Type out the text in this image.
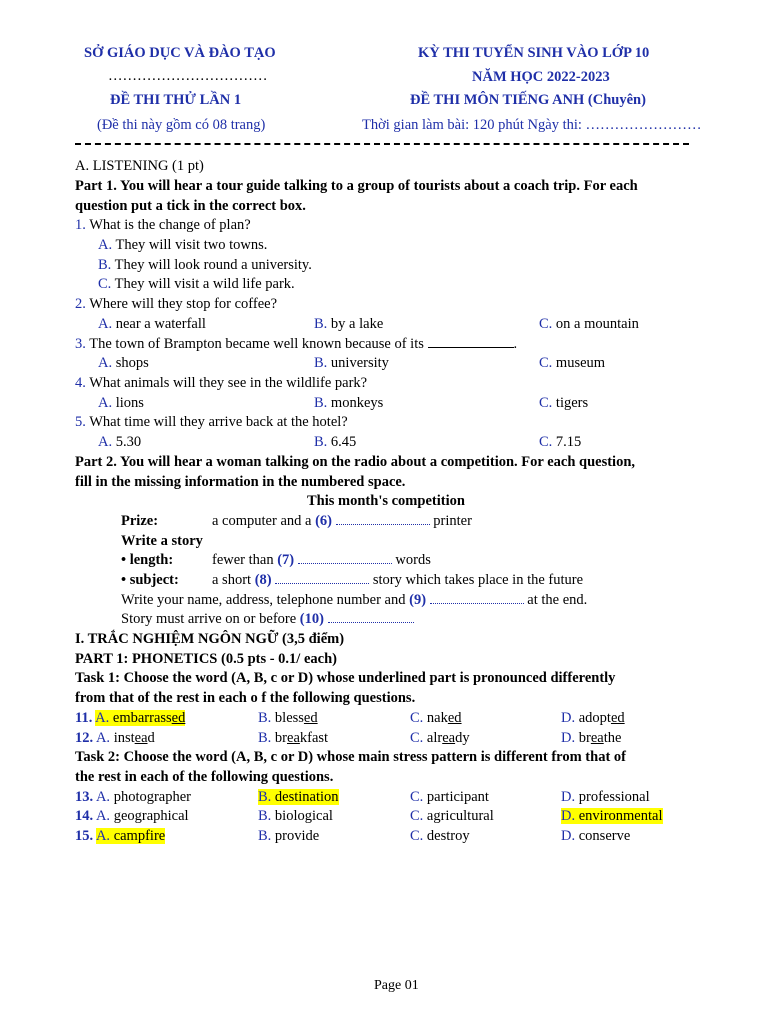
SỞ GIÁO DỤC VÀ ĐÀO TẠO
……………………………
ĐỀ THI THỬ LẦN 1
(Đề thi này gồm có 08 trang)
KỲ THI TUYỂN SINH VÀO LỚP 10
NĂM HỌC 2022-2023
ĐỀ THI MÔN TIẾNG ANH (Chuyên)
Thời gian làm bài: 120 phút Ngày thi: ……………………
A. LISTENING (1 pt)
Part 1. You will hear a tour guide talking to a group of tourists about a coach trip. For each
question put a tick in the correct box.
1. What is the change of plan?
A. They will visit two towns.
B. They will look round a university.
C. They will visit a wild life park.
2. Where will they stop for coffee?
A. near a waterfall	B. by a lake	C. on a mountain
3. The town of Brampton became well known because of its	.
A. shops	B. university	C. museum
4. What animals will they see in the wildlife park?
A. lions	B. monkeys	C. tigers
5. What time will they arrive back at the hotel?
A. 5.30	B. 6.45	C. 7.15
Part 2. You will hear a woman talking on the radio about a competition. For each question,
fill in the missing information in the numbered space.
This month's competition
Prize:	a computer and a (6)	printer
Write a story
• length:	fewer than (7)	words
• subject: a short (8)	story which takes place in the future
Write your name, address, telephone number and (9)	at the end.
Story must arrive on or before (10)
I. TRẮC NGHIỆM NGÔN NGỮ (3,5 điểm)
PART 1: PHONETICS (0.5 pts - 0.1/ each)
Task 1: Choose the word (A, B, c or D) whose underlined part is pronounced differently
from that of the rest in each o f the following questions.
11. A. embarrassed	B. blessed	C. naked	D. adopted
12. A. instead	B. breakfast	C. already	D. breathe
Task 2: Choose the word (A, B, c or D) whose main stress pattern is different from that of
the rest in each of the following questions.
13. A. photographer	B. destination	C. participant	D. professional
14. A. geographical	B. biological	C. agricultural	D. environmental
15. A. campfire	B. provide	C. destroy	D. conserve
Page 01
